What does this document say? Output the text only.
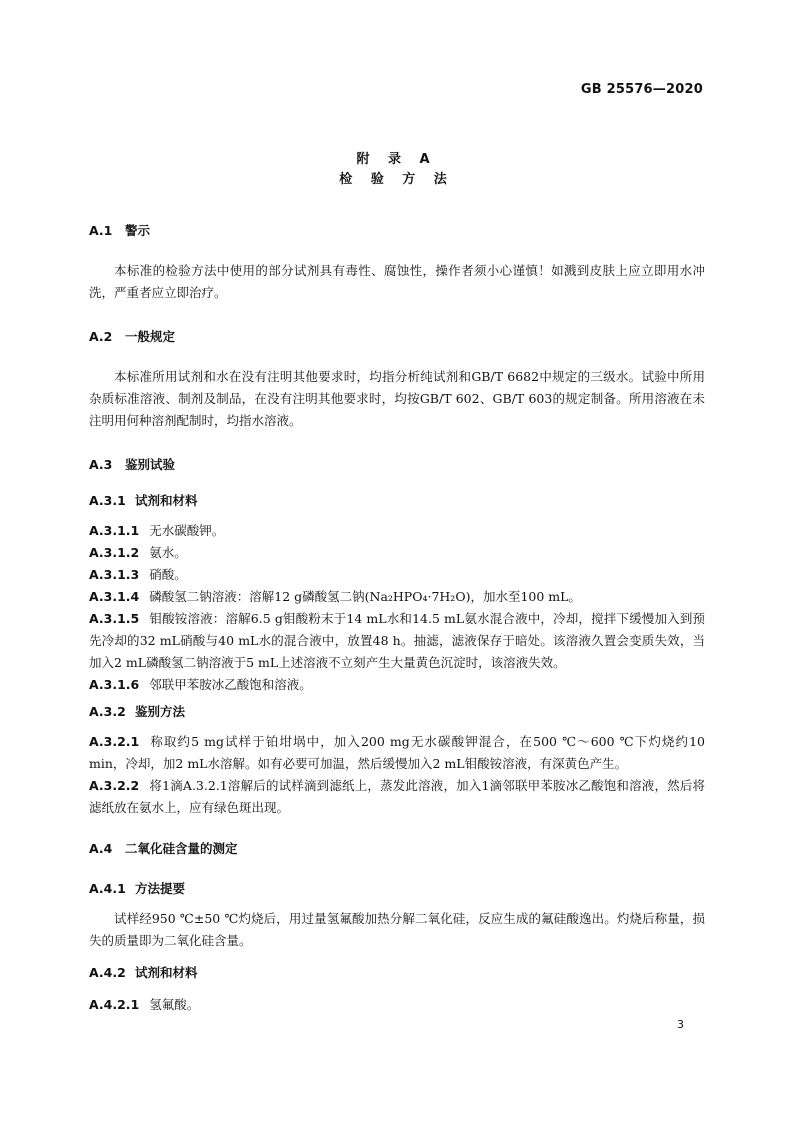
GB 25576—2020
附 录 A
检 验 方 法
A.1 警示
本标准的检验方法中使用的部分试剂具有毒性、腐蚀性，操作者须小心谨慎！如溅到皮肤上应立即用水冲洗，严重者应立即治疗。
A.2 一般规定
本标准所用试剂和水在没有注明其他要求时，均指分析纯试剂和GB/T 6682中规定的三级水。试验中所用杂质标准溶液、制剂及制品，在没有注明其他要求时，均按GB/T 602、GB/T 603的规定制备。所用溶液在未注明用何种溶剂配制时，均指水溶液。
A.3 鉴别试验
A.3.1 试剂和材料
A.3.1.1 无水碳酸钾。
A.3.1.2 氨水。
A.3.1.3 硝酸。
A.3.1.4 磷酸氢二钠溶液：溶解12 g磷酸氢二钠(Na₂HPO₄·7H₂O)，加水至100 mL。
A.3.1.5 钼酸铵溶液：溶解6.5 g钼酸粉末于14 mL水和14.5 mL氨水混合液中，冷却，搅拌下缓慢加入到预先冷却的32 mL硝酸与40 mL水的混合液中，放置48 h。抽滤，滤液保存于暗处。该溶液久置会变质失效，当加入2 mL磷酸氢二钠溶液于5 mL上述溶液不立刻产生大量黄色沉淀时，该溶液失效。
A.3.1.6 邻联甲苯胺冰乙酸饱和溶液。
A.3.2 鉴别方法
A.3.2.1 称取约5 mg试样于铂坩埚中，加入200 mg无水碳酸钾混合，在500 ℃～600 ℃下灼烧约10 min，冷却，加2 mL水溶解。如有必要可加温，然后缓慢加入2 mL钼酸铵溶液，有深黄色产生。
A.3.2.2 将1滴A.3.2.1溶解后的试样滴到滤纸上，蒸发此溶液，加入1滴邻联甲苯胺冰乙酸饱和溶液，然后将滤纸放在氨水上，应有绿色斑出现。
A.4 二氧化硅含量的测定
A.4.1 方法提要
试样经950 ℃±50 ℃灼烧后，用过量氢氟酸加热分解二氧化硅，反应生成的氟硅酸逸出。灼烧后称量，损失的质量即为二氧化硅含量。
A.4.2 试剂和材料
A.4.2.1 氢氟酸。
3
